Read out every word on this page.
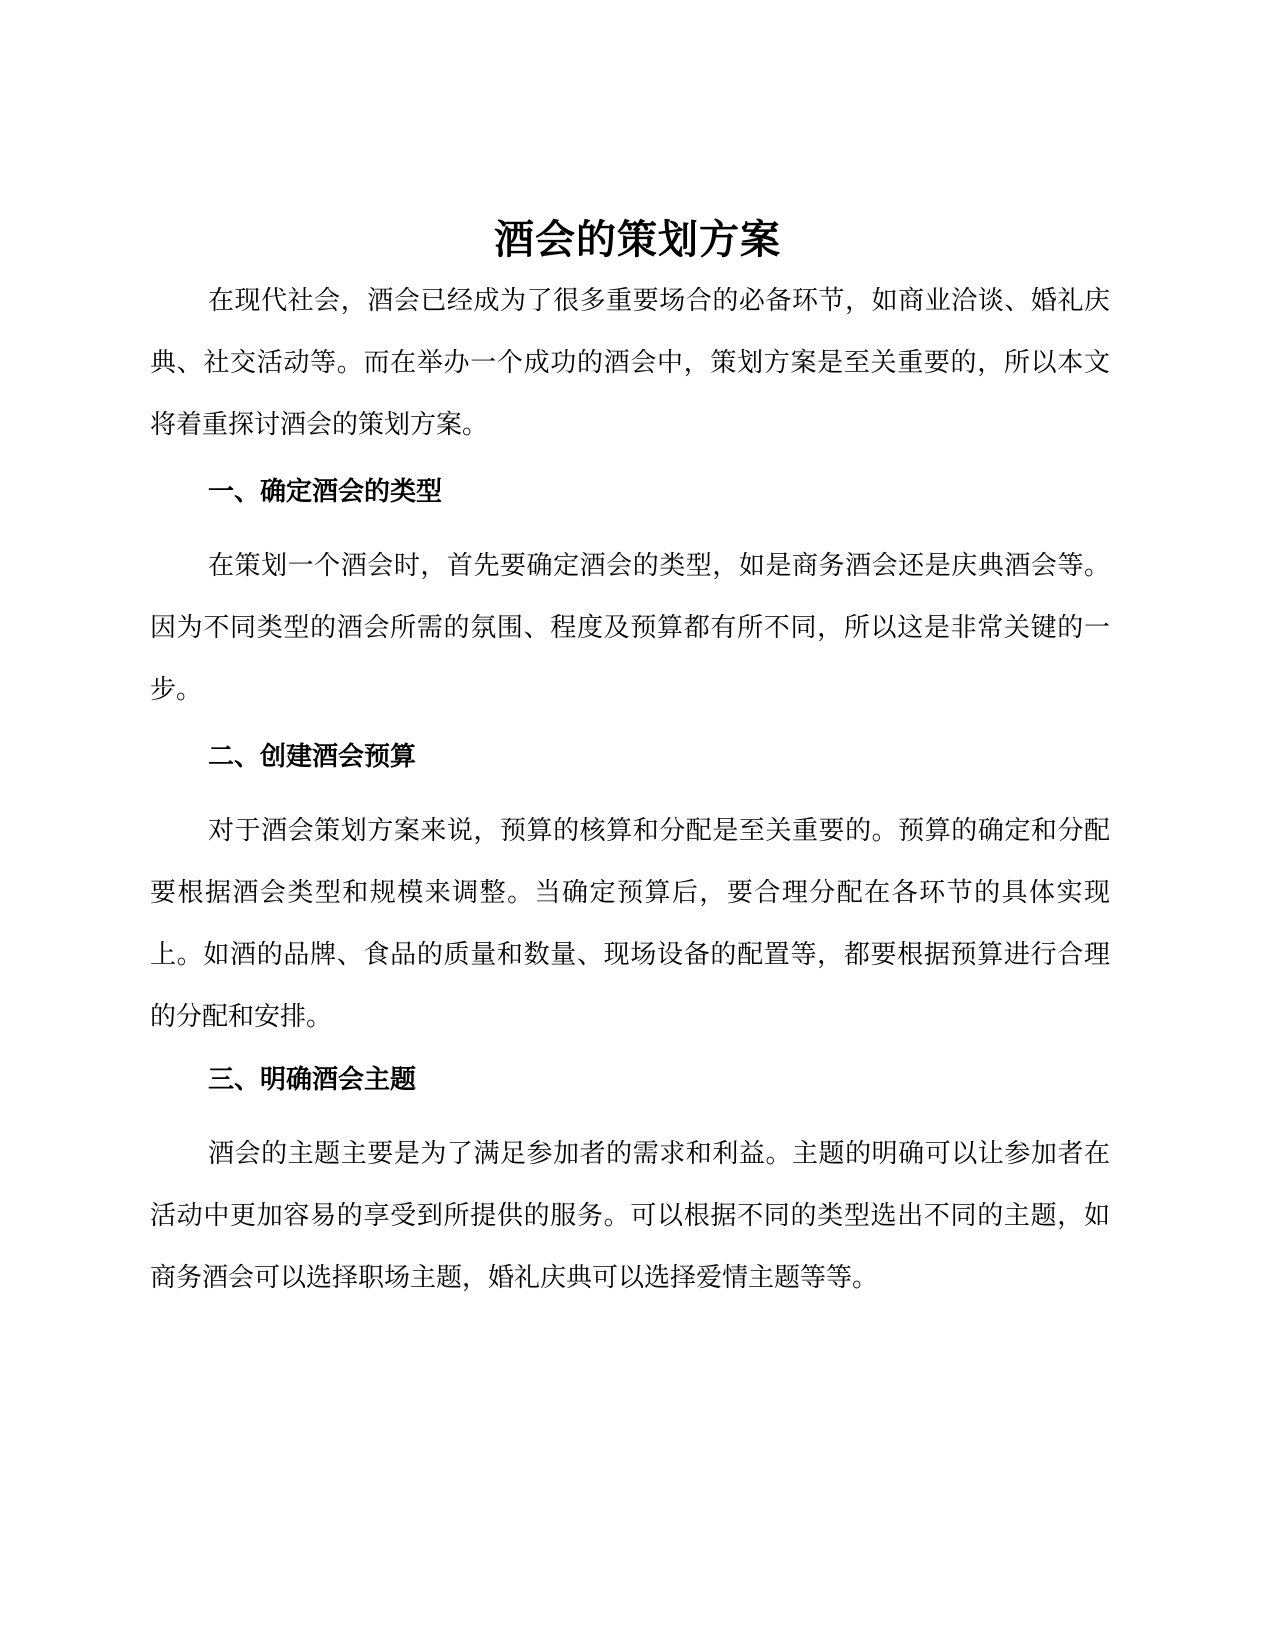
酒会的策划方案

在现代社会，酒会已经成为了很多重要场合的必备环节，如商业洽谈、婚礼庆典、社交活动等。而在举办一个成功的酒会中，策划方案是至关重要的，所以本文将着重探讨酒会的策划方案。

一、确定酒会的类型

在策划一个酒会时，首先要确定酒会的类型，如是商务酒会还是庆典酒会等。因为不同类型的酒会所需的氛围、程度及预算都有所不同，所以这是非常关键的一步。

二、创建酒会预算

对于酒会策划方案来说，预算的核算和分配是至关重要的。预算的确定和分配要根据酒会类型和规模来调整。当确定预算后，要合理分配在各环节的具体实现上。如酒的品牌、食品的质量和数量、现场设备的配置等，都要根据预算进行合理的分配和安排。

三、明确酒会主题

酒会的主题主要是为了满足参加者的需求和利益。主题的明确可以让参加者在活动中更加容易的享受到所提供的服务。可以根据不同的类型选出不同的主题，如商务酒会可以选择职场主题，婚礼庆典可以选择爱情主题等等。
